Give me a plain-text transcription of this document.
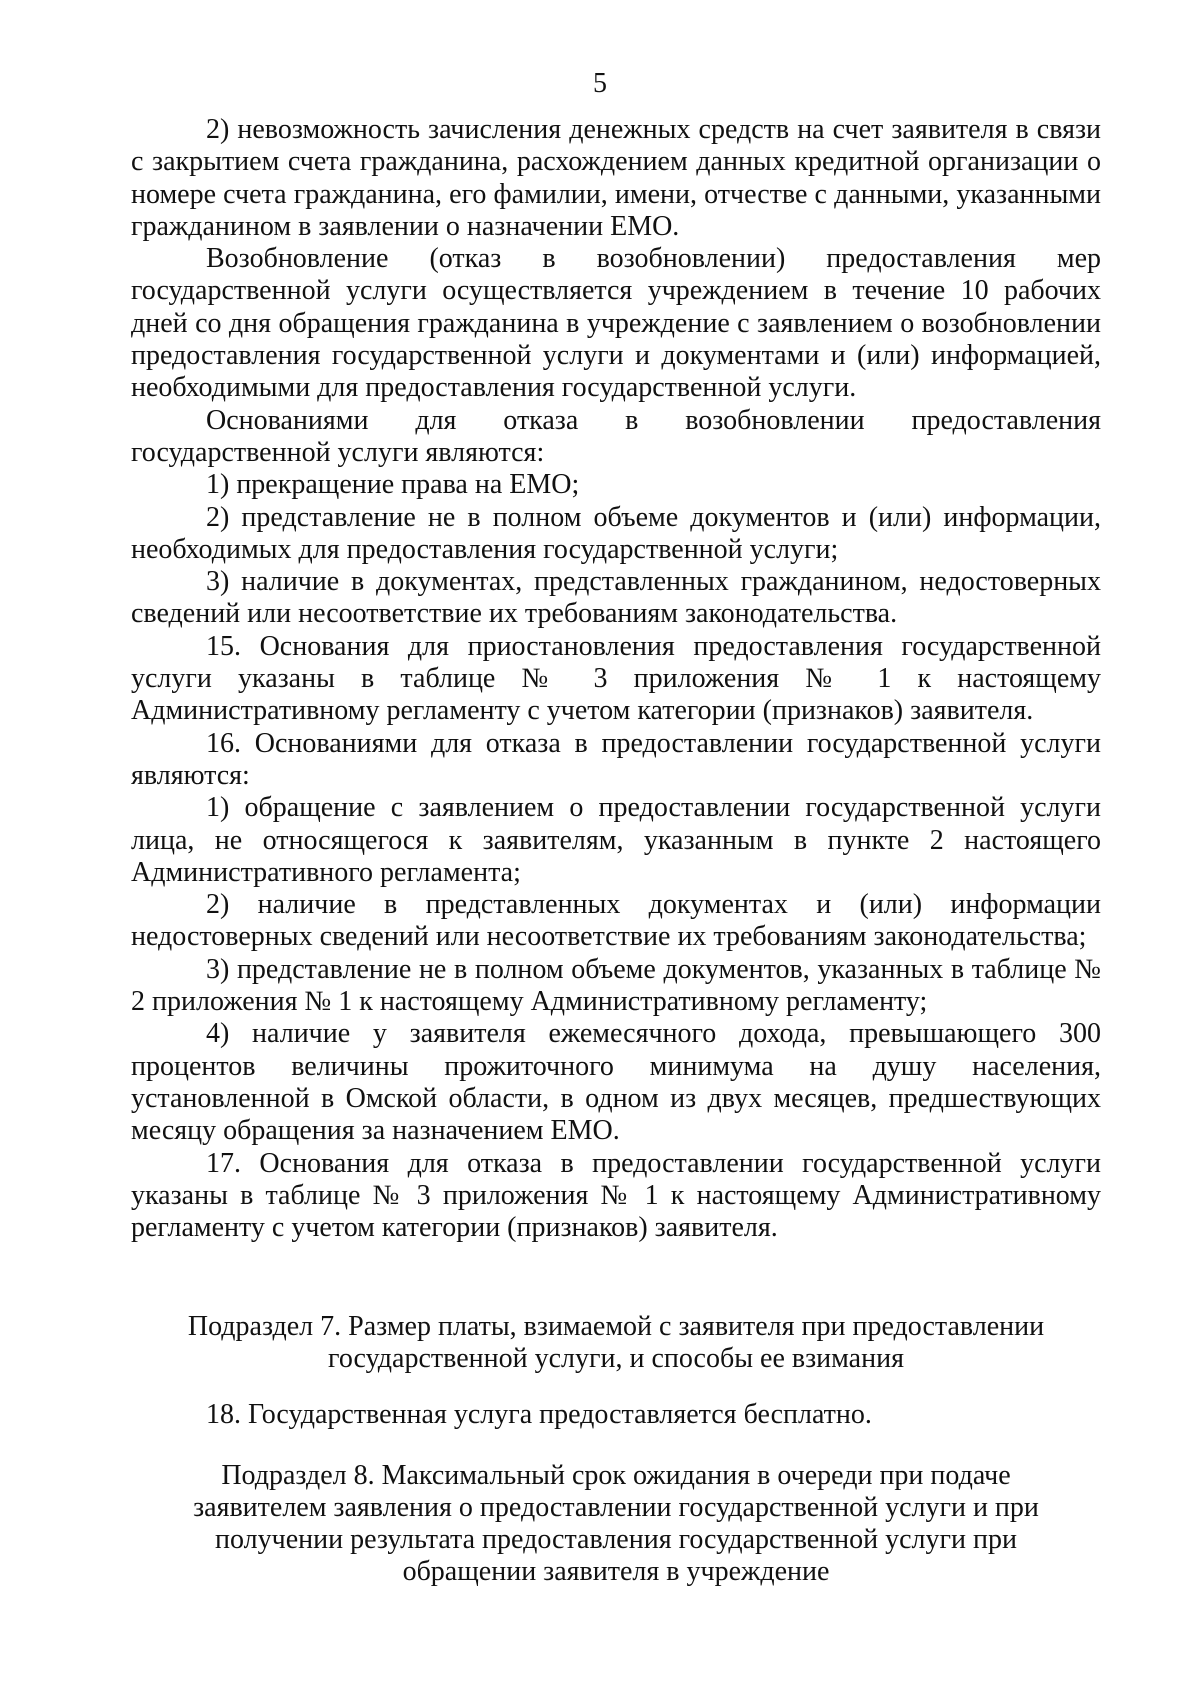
5

2) невозможность зачисления денежных средств на счет заявителя в связи с закрытием счета гражданина, расхождением данных кредитной организации о номере счета гражданина, его фамилии, имени, отчестве с данными, указанными гражданином в заявлении о назначении ЕМО.

Возобновление (отказ в возобновлении) предоставления мер государственной услуги осуществляется учреждением в течение 10 рабочих дней со дня обращения гражданина в учреждение с заявлением о возобновлении предоставления государственной услуги и документами и (или) информацией, необходимыми для предоставления государственной услуги.

Основаниями для отказа в возобновлении предоставления государственной услуги являются:

1) прекращение права на ЕМО;

2) представление не в полном объеме документов и (или) информации, необходимых для предоставления государственной услуги;

3) наличие в документах, представленных гражданином, недостоверных сведений или несоответствие их требованиям законодательства.

15. Основания для приостановления предоставления государственной услуги указаны в таблице № 3 приложения № 1 к настоящему Административному регламенту с учетом категории (признаков) заявителя.

16. Основаниями для отказа в предоставлении государственной услуги являются:

1) обращение с заявлением о предоставлении государственной услуги лица, не относящегося к заявителям, указанным в пункте 2 настоящего Административного регламента;

2) наличие в представленных документах и (или) информации недостоверных сведений или несоответствие их требованиям законодательства;

3) представление не в полном объеме документов, указанных в таблице № 2 приложения № 1 к настоящему Административному регламенту;

4) наличие у заявителя ежемесячного дохода, превышающего 300 процентов величины прожиточного минимума на душу населения, установленной в Омской области, в одном из двух месяцев, предшествующих месяцу обращения за назначением ЕМО.

17. Основания для отказа в предоставлении государственной услуги указаны в таблице № 3 приложения № 1 к настоящему Административному регламенту с учетом категории (признаков) заявителя.

Подраздел 7. Размер платы, взимаемой с заявителя при предоставлении
государственной услуги, и способы ее взимания

18. Государственная услуга предоставляется бесплатно.

Подраздел 8. Максимальный срок ожидания в очереди при подаче
заявителем заявления о предоставлении государственной услуги и при
получении результата предоставления государственной услуги при
обращении заявителя в учреждение
